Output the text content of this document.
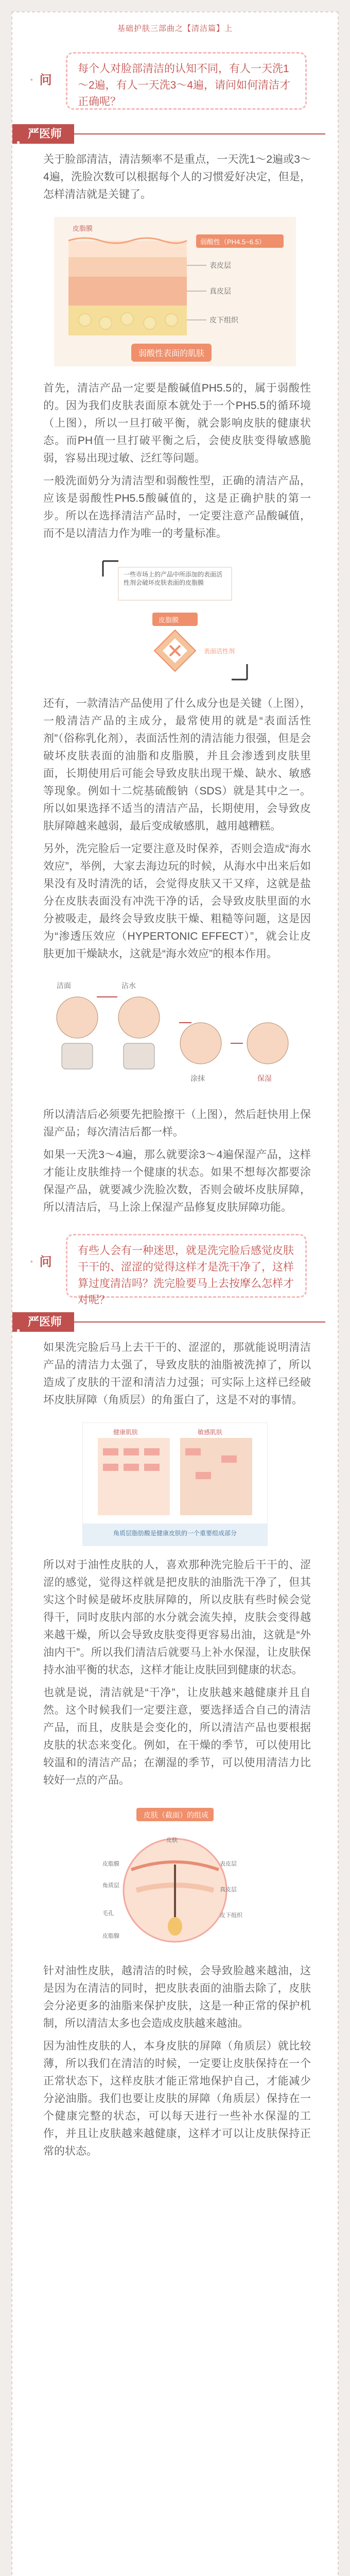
基础护肤三部曲之【清洁篇】上
· 问

每个人对脸部清洁的认知不同，有人一天洗1～2遍，有人一天洗3～4遍，请问如何清洁才正确呢？

●
严医师
关于脸部清洁，清洁频率不是重点，一天洗1～2遍或3～4遍，洗脸次数可以根据每个人的习惯爱好决定，但是，怎样清洁就是关键了。
弱酸性（PH4.5~6.5）
皮脂膜
表皮层
真皮层
皮下组织
弱酸性表面的肌肤
首先，清洁产品一定要是酸碱值PH5.5的，属于弱酸性的。因为我们皮肤表面原本就处于一个PH5.5的循环境（上图），所以一旦打破平衡，就会影响皮肤的健康状态。而PH值一旦打破平衡之后，会使皮肤变得敏感脆弱，容易出现过敏、泛红等问题。
一般洗面奶分为清洁型和弱酸性型，正确的清洁产品，应该是弱酸性PH5.5酸碱值的，这是正确护肤的第一步。所以在选择清洁产品时，一定要注意产品酸碱值，而不是以清洁力作为唯一的考量标准。
一些市场上的产品中所添加的表面活性剂会破坏皮肤表面的皮脂膜
皮脂膜
表面活性剂
还有，一款清洁产品使用了什么成分也是关键（上图），一般清洁产品的主成分，最常使用的就是“表面活性剂”（俗称乳化剂），表面活性剂的清洁能力很强，但是会破坏皮肤表面的油脂和皮脂膜，并且会渗透到皮肤里面，长期使用后可能会导致皮肤出现干燥、缺水、敏感等现象。例如十二烷基硫酸钠（SDS）就是其中之一。所以如果选择不适当的清洁产品，长期使用，会导致皮肤屏障越来越弱，最后变成敏感肌，越用越糟糕。
另外，洗完脸后一定要注意及时保养，否则会造成“海水效应”，举例，大家去海边玩的时候，从海水中出来后如果没有及时清洗的话，会觉得皮肤又干又痒，这就是盐分在皮肤表面没有冲洗干净的话，会导致皮肤里面的水分被吸走，最终会导致皮肤干燥、粗糙等问题，这是因为“渗透压效应（HYPERTONIC EFFECT）”，就会让皮肤更加干燥缺水，这就是“海水效应”的根本作用。
洁面	沾水
涂抹	保湿
所以清洁后必须要先把脸擦干（上图），然后赶快用上保湿产品；每次清洁后都一样。
如果一天洗3～4遍，那么就要涂3～4遍保湿产品，这样才能让皮肤维持一个健康的状态。如果不想每次都要涂保湿产品，就要减少洗脸次数，否则会破坏皮肤屏障，所以清洁后，马上涂上保湿产品修复皮肤屏障功能。
· 问

有些人会有一种迷思，就是洗完脸后感觉皮肤干干的、涩涩的觉得这样才是洗干净了，这样算过度清洁吗？洗完脸要马上去按摩么怎样才对呢？

●
严医师
如果洗完脸后马上去干干的、涩涩的，那就能说明清洁产品的清洁力太强了，导致皮肤的油脂被洗掉了，所以造成了皮肤的干涩和清洁力过强；可实际上这样已经破坏皮肤屏障（角质层）的角蛋白了，这是不对的事情。
健康肌肤	敏感肌肤
角质层脂肪酸是健康皮肤的一个重要组成部分
所以对于油性皮肤的人，喜欢那种洗完脸后干干的、涩涩的感觉，觉得这样就是把皮肤的油脂洗干净了，但其实这个时候是破坏皮肤屏障的，所以皮肤有些时候会觉得干，同时皮肤内部的水分就会流失掉，皮肤会变得越来越干燥，所以会导致皮肤变得更容易出油，这就是“外油内干”。所以我们清洁后就要马上补水保湿，让皮肤保持水油平衡的状态，这样才能让皮肤回到健康的状态。
也就是说，清洁就是“干净”，让皮肤越来越健康并且自然。这个时候我们一定要注意，要选择适合自己的清洁产品，而且，皮肤是会变化的，所以清洁产品也要根据皮肤的状态来变化。例如，在干燥的季节，可以使用比较温和的清洁产品；在潮湿的季节，可以使用清洁力比较好一点的产品。
皮肤（截面）的组成
皮脂膜
角质层
表皮层
真皮层
皮下组织
毛孔
皮脂腺
皮肤
针对油性皮肤，越清洁的时候，会导致脸越来越油，这是因为在清洁的同时，把皮肤表面的油脂去除了，皮肤会分泌更多的油脂来保护皮肤，这是一种正常的保护机制，所以清洁太多也会造成皮肤越来越油。
因为油性皮肤的人，本身皮肤的屏障（角质层）就比较薄，所以我们在清洁的时候，一定要让皮肤保持在一个正常状态下，这样皮肤才能正常地保护自己，才能减少分泌油脂。我们也要让皮肤的屏障（角质层）保持在一个健康完整的状态，可以每天进行一些补水保湿的工作，并且让皮肤越来越健康，这样才可以让皮肤保持正常的状态。
